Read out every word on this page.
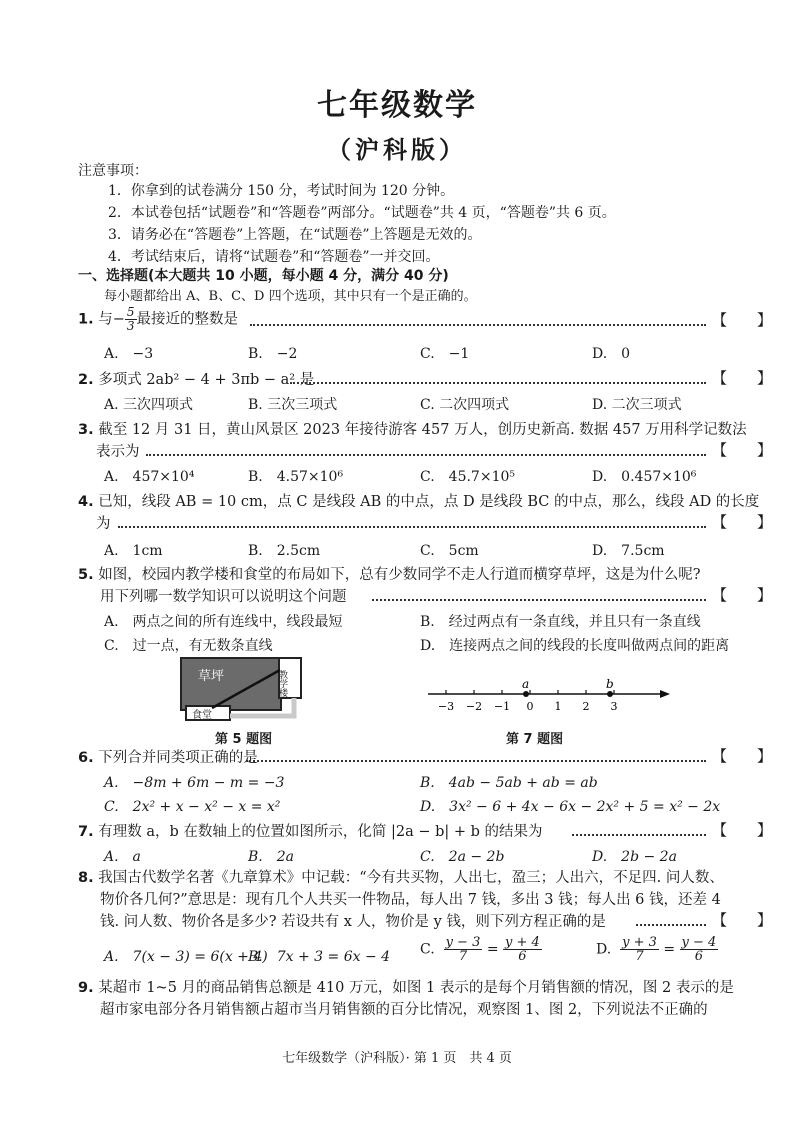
七年级数学
（沪科版）
注意事项：
1．你拿到的试卷满分 150 分，考试时间为 120 分钟。
2．本试卷包括“试题卷”和“答题卷”两部分。“试题卷”共 4 页，“答题卷”共 6 页。
3．请务必在“答题卷”上答题，在“试题卷”上答题是无效的。
4．考试结束后，请将“试题卷”和“答题卷”一并交回。
一、选择题(本大题共 10 小题，每小题 4 分，满分 40 分)
每小题都给出 A、B、C、D 四个选项，其中只有一个是正确的。
1. 与− $\frac{5}{3}$ 最接近的整数是	【　　】
A.　−3	B.　−2	C.　−1	D.　0
2. 多项式 2ab² − 4 + 3πb − a² 是	【　　】
A. 三次四项式	B. 三次三项式	C. 二次四项式	D. 二次三项式
3. 截至 12 月 31 日，黄山风景区 2023 年接待游客 457 万人，创历史新高. 数据 457 万用科学记数法
表示为	【　　】
A.　457×10⁴	B.　4.57×10⁶	C.　45.7×10⁵	D.　0.457×10⁶
4. 已知，线段 AB = 10 cm，点 C 是线段 AB 的中点，点 D 是线段 BC 的中点，那么，线段 AD 的长度
为	【　　】
A.　1cm	B.　2.5cm	C.　5cm	D.　7.5cm
5. 如图，校园内教学楼和食堂的布局如下，总有少数同学不走人行道而横穿草坪，这是为什么呢?
用下列哪一数学知识可以说明这个问题	【　　】
A.　两点之间的所有连线中，线段最短	B.　经过两点有一条直线，并且只有一条直线
C.　过一点，有无数条直线	D.　连接两点之间的线段的长度叫做两点间的距离
草坪	教学楼
食堂
第 5 题图
−3 −2 −1 0 1 2 3
a	b
第 7 题图
6. 下列合并同类项正确的是	【　　】
A.　−8m + 6m − m = −3	B.　4ab − 5ab + ab = ab
C.　2x² + x − x² − x = x²	D.　3x² − 6 + 4x − 6x − 2x² + 5 = x² − 2x
7. 有理数 a，b 在数轴上的位置如图所示，化简 |2a − b| + b 的结果为	【　　】
A.　a	B.　2a	C.　2a − 2b	D.　2b − 2a
8. 我国古代数学名著《九章算术》中记载：“今有共买物，人出七，盈三；人出六，不足四. 问人数、
物价各几何?”意思是：现有几个人共买一件物品，每人出 7 钱，多出 3 钱；每人出 6 钱，还差 4
钱. 问人数、物价各是多少? 若设共有 x 人，物价是 y 钱，则下列方程正确的是	【　　】
A.　7(x − 3) = 6(x + 4)
B.　7x + 3 = 6x − 4 C. $\frac{y - 3}{7} = \frac{y + 4}{6}$	D. $\frac{y + 3}{7} = \frac{y - 4}{6}$
9. 某超市 1~5 月的商品销售总额是 410 万元，如图 1 表示的是每个月销售额的情况，图 2 表示的是
超市家电部分各月销售额占超市当月销售额的百分比情况，观察图 1、图 2，下列说法不正确的
七年级数学（沪科版）· 第 1 页　共 4 页
